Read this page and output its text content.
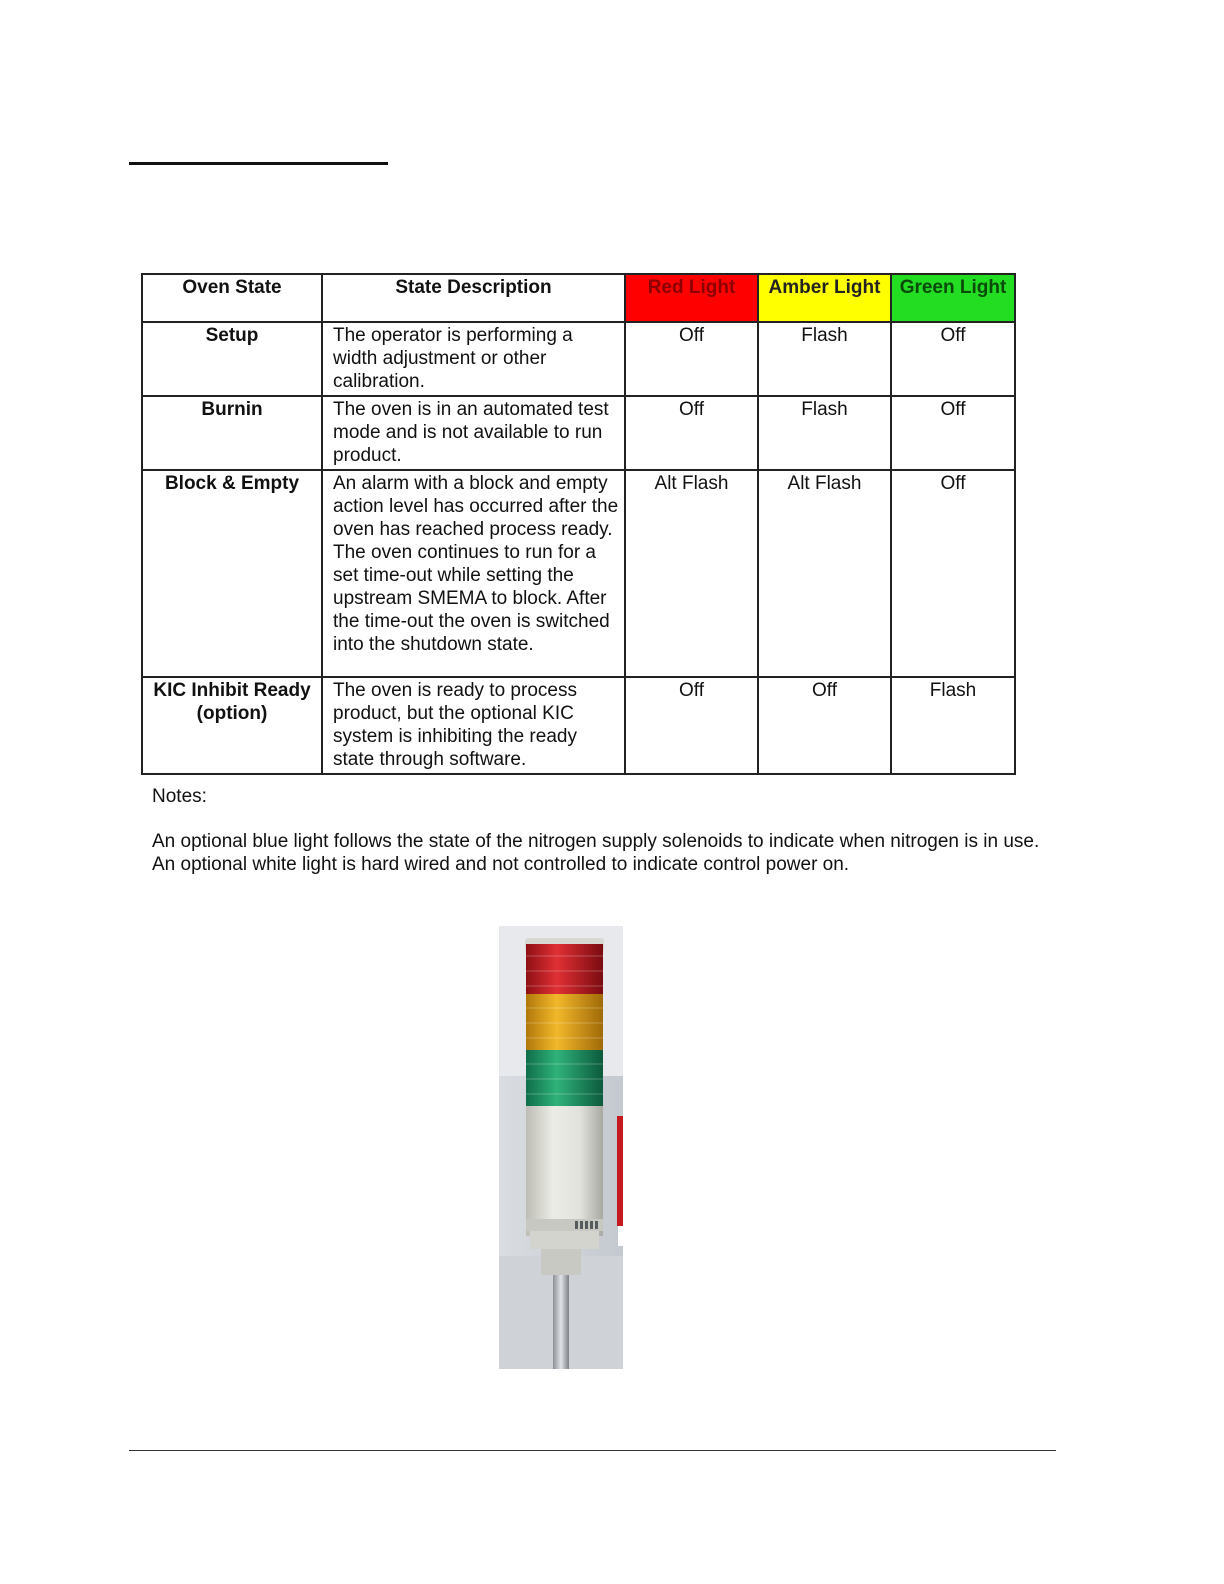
Oven State	State Description	Red Light	Amber Light	Green Light
Setup	The operator is performing a width adjustment or other calibration.	Off	Flash	Off
Burnin	The oven is in an automated test mode and is not available to run product.	Off	Flash	Off
Block & Empty	An alarm with a block and empty action level has occurred after the oven has reached process ready. The oven continues to run for a set time-out while setting the upstream SMEMA to block. After the time-out the oven is switched into the shutdown state.	Alt Flash	Alt Flash	Off
KIC Inhibit Ready (option)	The oven is ready to process product, but the optional KIC system is inhibiting the ready state through software.	Off	Off	Flash

Notes:

An optional blue light follows the state of the nitrogen supply solenoids to indicate when nitrogen is in use.

An optional white light is hard wired and not controlled to indicate control power on.
